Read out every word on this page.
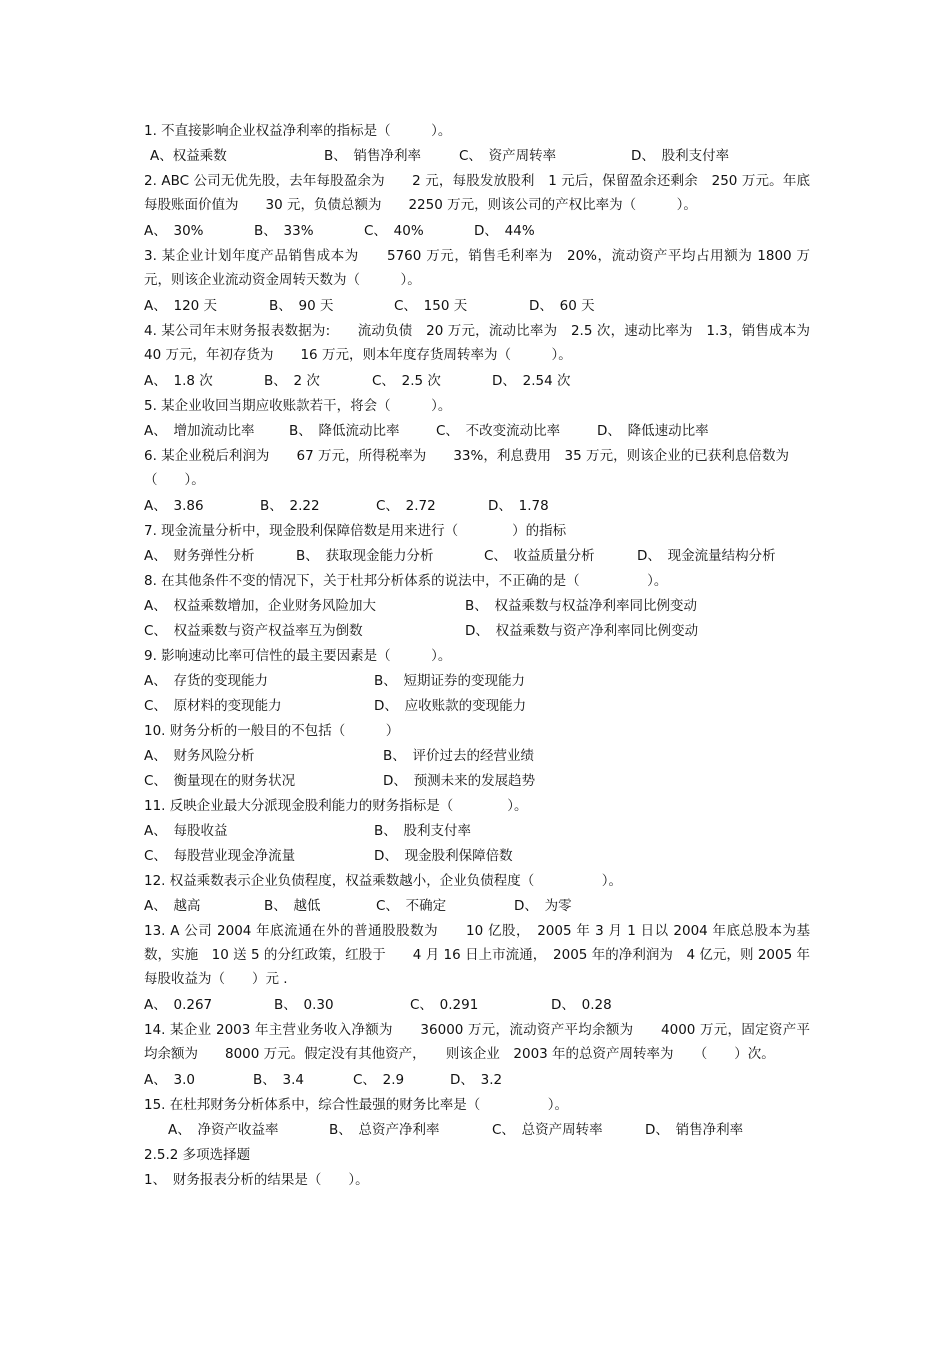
1. 不直接影响企业权益净利率的指标是（　　　）。
A、权益乘数	B、　销售净利率	C、　资产周转率	D、　股利支付率
2. ABC 公司无优先股，去年每股盈余为　　2 元，每股发放股利　1 元后，保留盈余还剩余　250 万元。年底每股账面价值为　　30 元，负债总额为　　2250 万元，则该公司的产权比率为（　　　）。
A、　30%	B、　33%	C、　40%	D、　44%
3. 某企业计划年度产品销售成本为　　5760 万元，销售毛利率为　20%，流动资产平均占用额为 1800 万元，则该企业流动资金周转天数为（　　　）。
A、　120 天	B、　90 天	C、　150 天	D、　60 天
4. 某公司年末财务报表数据为:　　流动负债　20 万元，流动比率为　2.5 次，速动比率为　1.3，销售成本为　40 万元，年初存货为　　16 万元，则本年度存货周转率为（　　　）。
A、　1.8 次	B、　2 次	C、　2.5 次	D、　2.54 次
5. 某企业收回当期应收账款若干，将会（　　　）。
A、　增加流动比率	B、　降低流动比率	C、　不改变流动比率	D、　降低速动比率
6. 某企业税后利润为　　67 万元，所得税率为　　33%，利息费用　35 万元，则该企业的已获利息倍数为（　　）。
A、　3.86	B、　2.22	C、　2.72	D、　1.78
7. 现金流量分析中，现金股利保障倍数是用来进行（　　　　）的指标
A、　财务弹性分析	B、　获取现金能力分析	C、　收益质量分析	D、　现金流量结构分析
8. 在其他条件不变的情况下，关于杜邦分析体系的说法中，不正确的是（　　　　　）。
A、　权益乘数增加，企业财务风险加大	B、　权益乘数与权益净利率同比例变动
C、　权益乘数与资产权益率互为倒数	D、　权益乘数与资产净利率同比例变动
9. 影响速动比率可信性的最主要因素是（　　　）。
A、　存货的变现能力	B、　短期证券的变现能力
C、　原材料的变现能力	D、　应收账款的变现能力
10. 财务分析的一般目的不包括（　　　）
A、　财务风险分析	B、　评价过去的经营业绩
C、　衡量现在的财务状况	D、　预测未来的发展趋势
11. 反映企业最大分派现金股利能力的财务指标是（　　　　）。
A、　每股收益	B、　股利支付率
C、　每股营业现金净流量	D、　现金股利保障倍数
12. 权益乘数表示企业负债程度，权益乘数越小，企业负债程度（　　　　　）。
A、　越高	B、　越低	C、　不确定	D、　为零
13. A 公司 2004 年底流通在外的普通股股数为　　10 亿股，　2005 年 3 月 1 日以 2004 年底总股本为基数，实施　10 送 5 的分红政策，红股于　　4 月 16 日上市流通，　2005 年的净利润为　4 亿元，则 2005 年每股收益为（　　）元 .
A、　0.267	B、　0.30	C、　0.291	D、　0.28
14. 某企业 2003 年主营业务收入净额为　　36000 万元，流动资产平均余额为　　4000 万元，固定资产平均余额为　　8000 万元。假定没有其他资产，　　则该企业　2003 年的总资产周转率为　　（　　）次。
A、　3.0	B、　3.4	C、　2.9	D、　3.2
15. 在杜邦财务分析体系中，综合性最强的财务比率是（　　　　　）。
A、　净资产收益率	B、　总资产净利率	C、　总资产周转率	D、　销售净利率
2.5.2 多项选择题
1、　财务报表分析的结果是（　　）。
